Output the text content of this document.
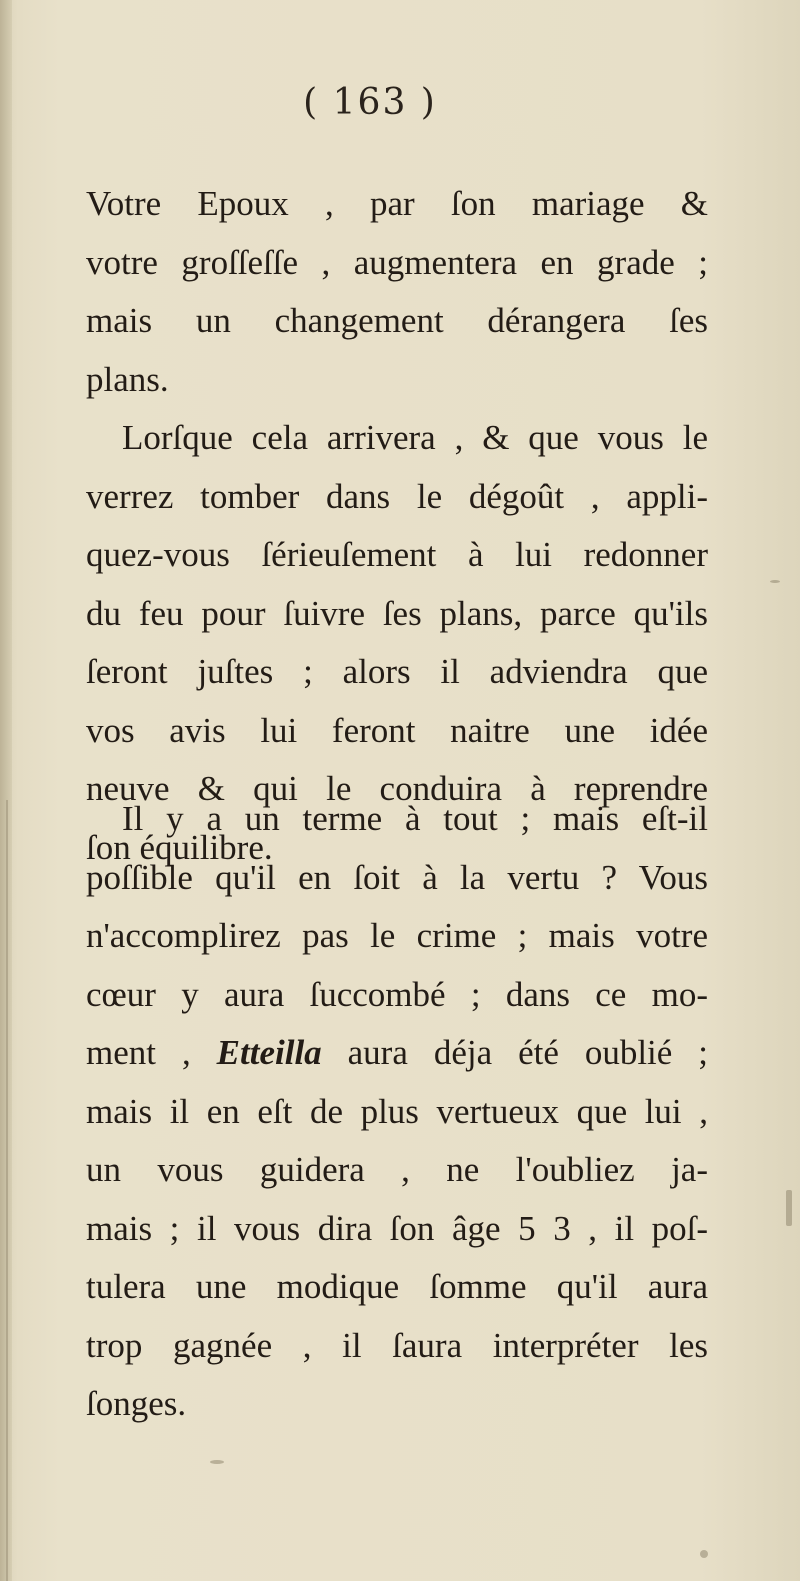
( 163 )
Votre Epoux , par ſon mariage &
votre groſſeſſe , augmentera en grade ;
mais un changement dérangera ſes
plans.
Lorſque cela arrivera , & que vous le
verrez tomber dans le dégoût , appli-
quez-vous ſérieuſement à lui redonner
du feu pour ſuivre ſes plans, parce qu'ils
ſeront juſtes ; alors il adviendra que
vos avis lui feront naitre une idée
neuve & qui le conduira à reprendre
ſon équilibre.
Il y a un terme à tout ; mais eſt-il
poſſible qu'il en ſoit à la vertu ? Vous
n'accomplirez pas le crime ; mais votre
cœur y aura ſuccombé ; dans ce mo-
ment , Etteilla aura déja été oublié ;
mais il en eſt de plus vertueux que lui ,
un vous guidera , ne l'oubliez ja-
mais ; il vous dira ſon âge 5 3 , il poſ-
tulera une modique ſomme qu'il aura
trop gagnée , il ſaura interpréter les
ſonges.
